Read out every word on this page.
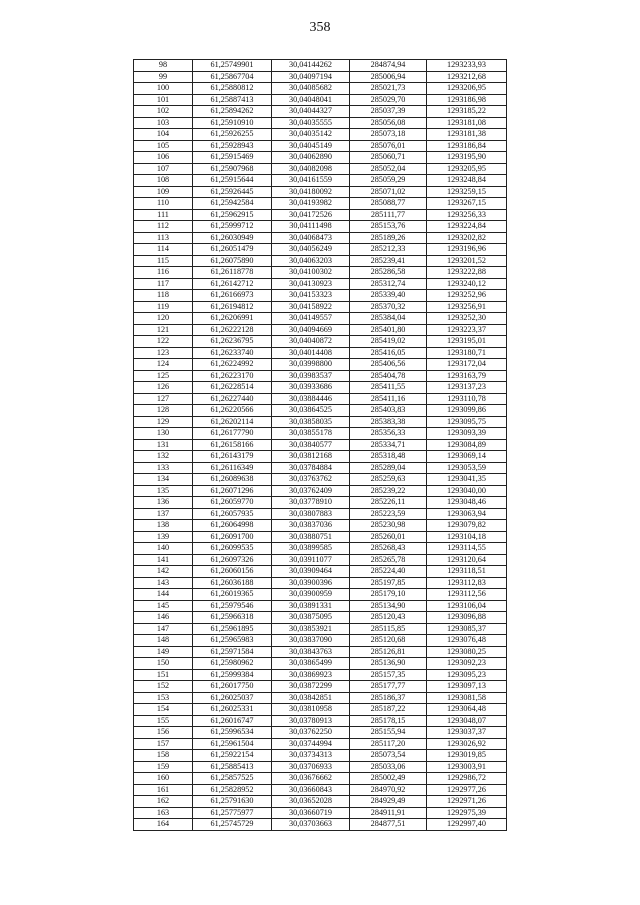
358
98	61,25749901	30,04144262	284874,94	1293233,93
99	61,25867704	30,04097194	285006,94	1293212,68
100	61,25880812	30,04085682	285021,73	1293206,95
101	61,25887413	30,04048041	285029,70	1293186,98
102	61,25894262	30,04044327	285037,39	1293185,22
103	61,25910910	30,04035555	285056,08	1293181,08
104	61,25926255	30,04035142	285073,18	1293181,38
105	61,25928943	30,04045149	285076,01	1293186,84
106	61,25915469	30,04062890	285060,71	1293195,90
107	61,25907968	30,04082098	285052,04	1293205,95
108	61,25915644	30,04161559	285059,29	1293248,84
109	61,25926445	30,04180092	285071,02	1293259,15
110	61,25942584	30,04193982	285088,77	1293267,15
111	61,25962915	30,04172526	285111,77	1293256,33
112	61,25999712	30,04111498	285153,76	1293224,84
113	61,26030949	30,04068473	285189,26	1293202,82
114	61,26051479	30,04056249	285212,33	1293196,96
115	61,26075890	30,04063203	285239,41	1293201,52
116	61,26118778	30,04100302	285286,58	1293222,88
117	61,26142712	30,04130923	285312,74	1293240,12
118	61,26166973	30,04153323	285339,40	1293252,96
119	61,26194812	30,04158922	285370,32	1293256,91
120	61,26206991	30,04149557	285384,04	1293252,30
121	61,26222128	30,04094669	285401,80	1293223,37
122	61,26236795	30,04040872	285419,02	1293195,01
123	61,26233740	30,04014408	285416,05	1293180,71
124	61,26224992	30,03998800	285406,56	1293172,04
125	61,26223170	30,03983537	285404,78	1293163,79
126	61,26228514	30,03933686	285411,55	1293137,23
127	61,26227440	30,03884446	285411,16	1293110,78
128	61,26220566	30,03864525	285403,83	1293099,86
129	61,26202114	30,03858035	285383,38	1293095,75
130	61,26177790	30,03855178	285356,33	1293093,39
131	61,26158166	30,03840577	285334,71	1293084,89
132	61,26143179	30,03812168	285318,48	1293069,14
133	61,26116349	30,03784884	285289,04	1293053,59
134	61,26089638	30,03763762	285259,63	1293041,35
135	61,26071296	30,03762409	285239,22	1293040,00
136	61,26059770	30,03778910	285226,11	1293048,46
137	61,26057935	30,03807883	285223,59	1293063,94
138	61,26064998	30,03837036	285230,98	1293079,82
139	61,26091700	30,03880751	285260,01	1293104,18
140	61,26099535	30,03899585	285268,43	1293114,55
141	61,26097326	30,03911077	285265,78	1293120,64
142	61,26060156	30,03909464	285224,40	1293118,51
143	61,26036188	30,03900396	285197,85	1293112,83
144	61,26019365	30,03900959	285179,10	1293112,56
145	61,25979546	30,03891331	285134,90	1293106,04
146	61,25966318	30,03875095	285120,43	1293096,88
147	61,25961895	30,03853921	285115,85	1293085,37
148	61,25965983	30,03837090	285120,68	1293076,48
149	61,25971584	30,03843763	285126,81	1293080,25
150	61,25980962	30,03865499	285136,90	1293092,23
151	61,25999384	30,03869923	285157,35	1293095,23
152	61,26017750	30,03872299	285177,77	1293097,13
153	61,26025037	30,03842851	285186,37	1293081,58
154	61,26025331	30,03810958	285187,22	1293064,48
155	61,26016747	30,03780913	285178,15	1293048,07
156	61,25996534	30,03762250	285155,94	1293037,37
157	61,25961504	30,03744994	285117,20	1293026,92
158	61,25922154	30,03734313	285073,54	1293019,85
159	61,25885413	30,03706933	285033,06	1293003,91
160	61,25857525	30,03676662	285002,49	1292986,72
161	61,25828952	30,03660843	284970,92	1292977,26
162	61,25791630	30,03652028	284929,49	1292971,26
163	61,25775977	30,03660719	284911,91	1292975,39
164	61,25745729	30,03703663	284877,51	1292997,40
